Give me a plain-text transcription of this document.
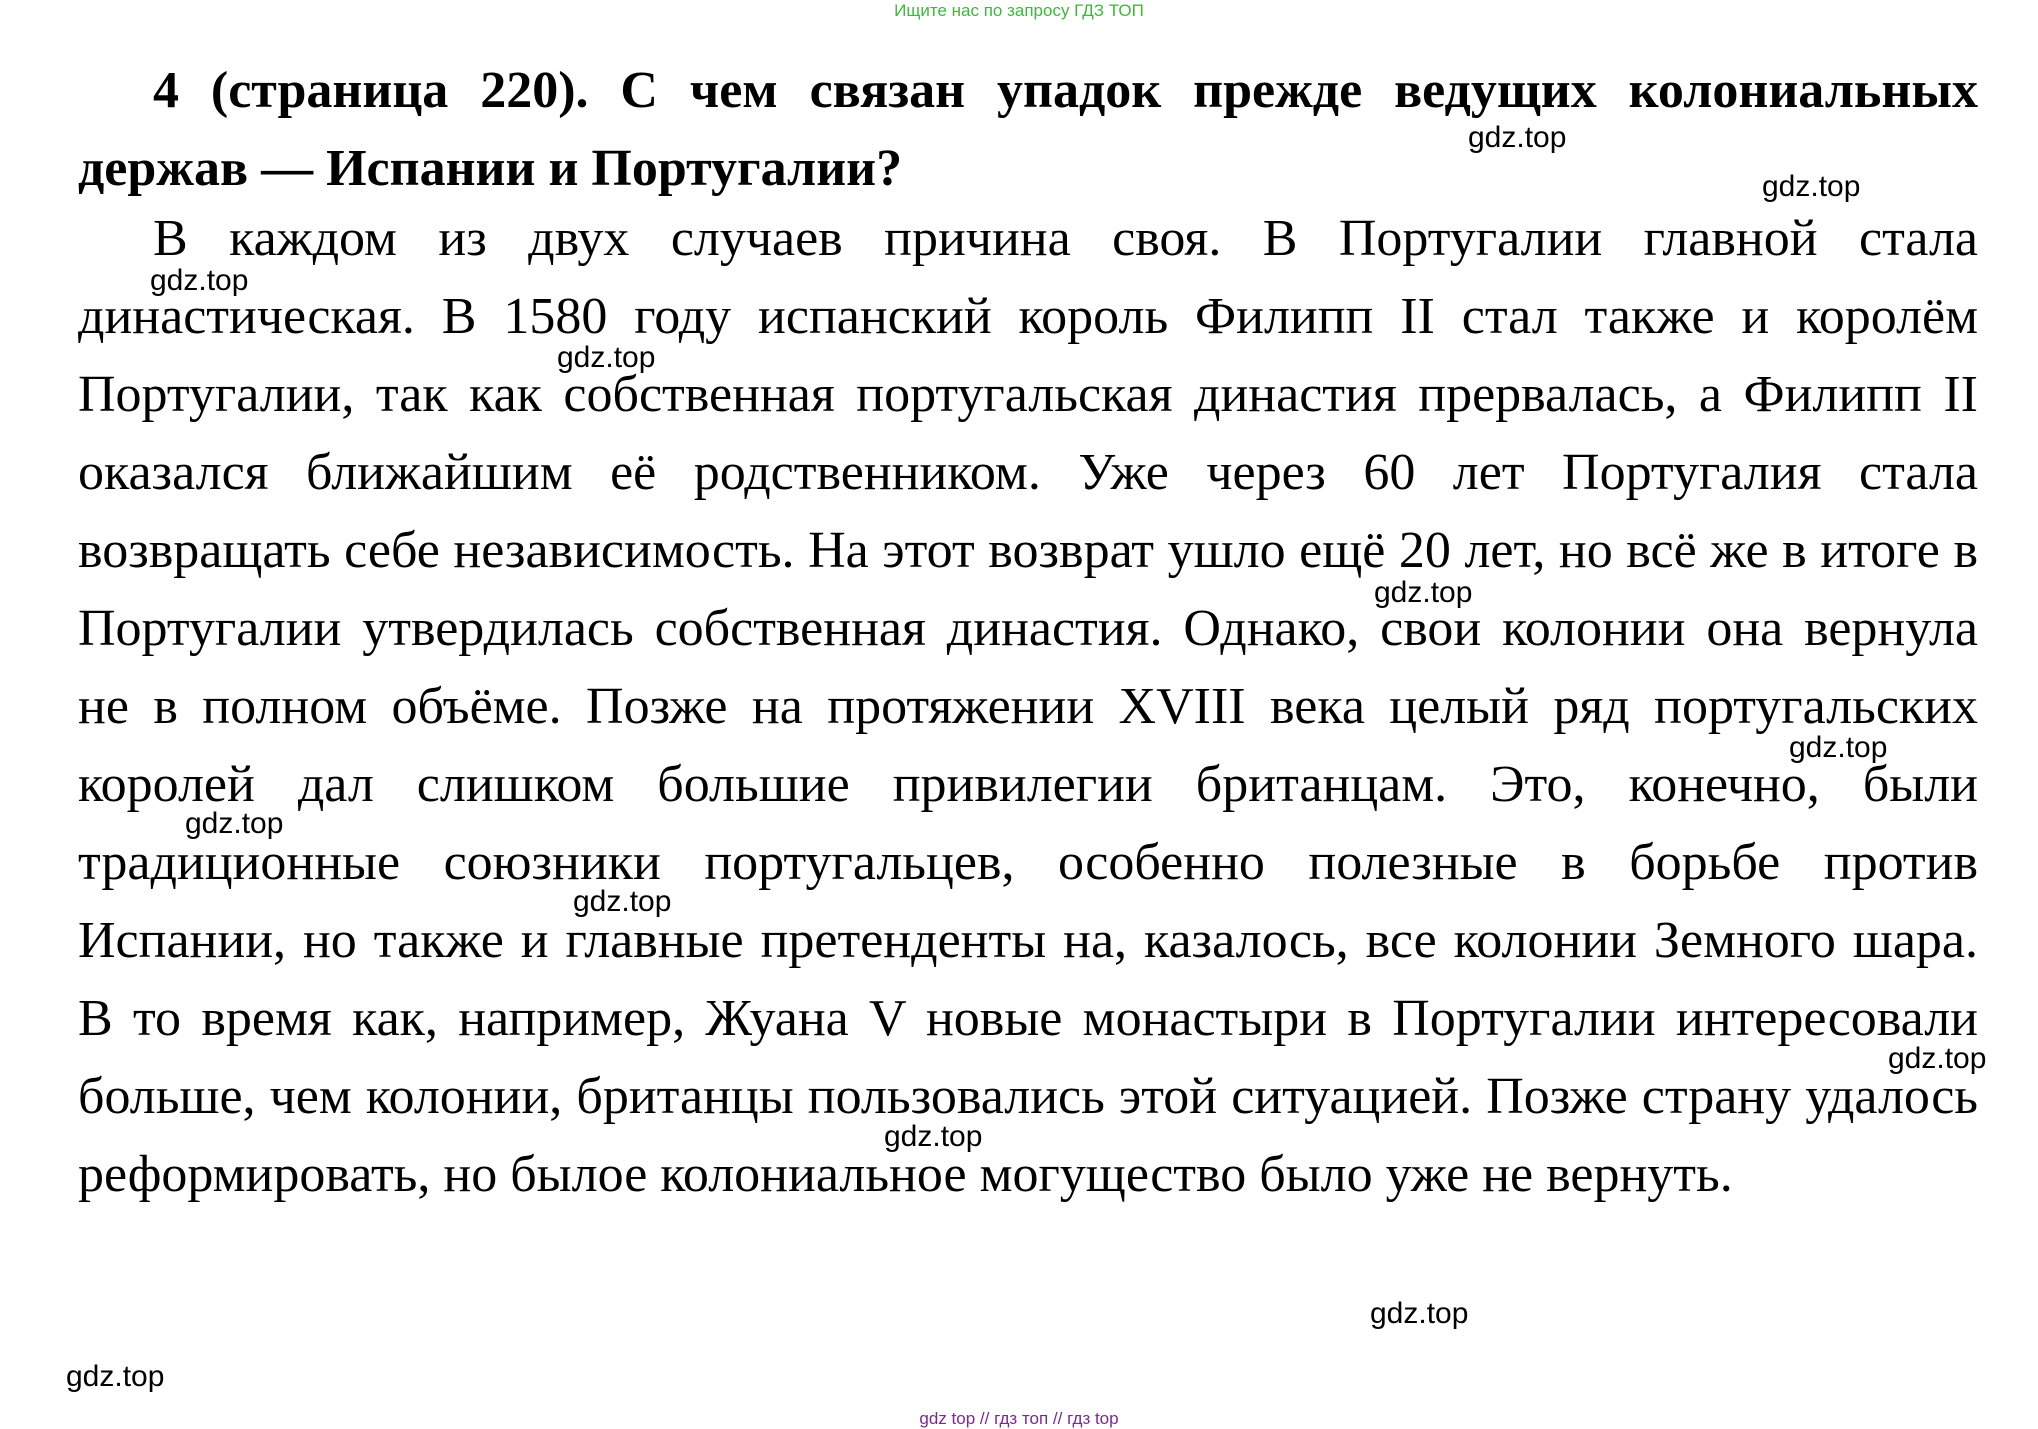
Ищите нас по запросу ГДЗ ТОП

4 (страница 220). С чем связан упадок прежде ведущих колониальных держав — Испании и Португалии?

В каждом из двух случаев причина своя. В Португалии главной стала династическая. В 1580 году испанский король Филипп II стал также и королём Португалии, так как собственная португальская династия прервалась, а Филипп II оказался ближайшим её родственником. Уже через 60 лет Португалия стала возвращать себе независимость. На этот возврат ушло ещё 20 лет, но всё же в итоге в Португалии утвердилась собственная династия. Однако, свои колонии она вернула не в полном объёме. Позже на протяжении XVIII века целый ряд португальских королей дал слишком большие привилегии британцам. Это, конечно, были традиционные союзники португальцев, особенно полезные в борьбе против Испании, но также и главные претенденты на, казалось, все колонии Земного шара. В то время как, например, Жуана V новые монастыри в Португалии интересовали больше, чем колонии, британцы пользовались этой ситуацией. Позже страну удалось реформировать, но былое колониальное могущество было уже не вернуть.

gdz.top
gdz.top
gdz.top
gdz.top
gdz.top
gdz.top
gdz.top
gdz.top
gdz.top
gdz.top
gdz.top
gdz.top
gdz top // гдз топ // гдз top
